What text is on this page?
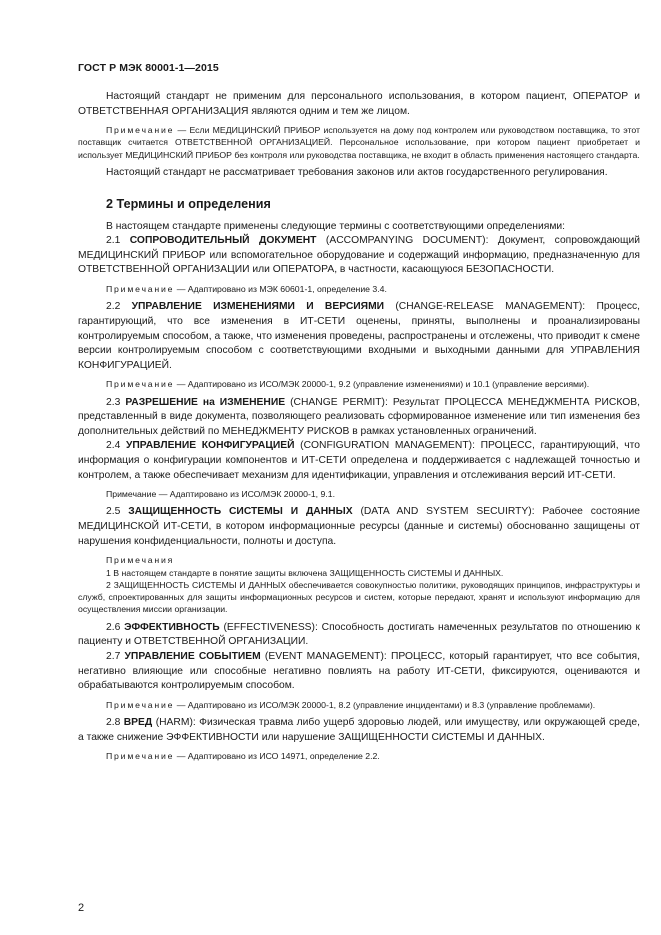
ГОСТ Р МЭК 80001-1—2015

Настоящий стандарт не применим для персонального использования, в котором пациент, ОПЕРАТОР и ОТВЕТСТВЕННАЯ ОРГАНИЗАЦИЯ являются одним и тем же лицом.

Примечание — Если МЕДИЦИНСКИЙ ПРИБОР используется на дому под контролем или руководством поставщика, то этот поставщик считается ОТВЕТСТВЕННОЙ ОРГАНИЗАЦИЕЙ. Персональное использование, при котором пациент приобретает и использует МЕДИЦИНСКИЙ ПРИБОР без контроля или руководства поставщика, не входит в область применения настоящего стандарта.

Настоящий стандарт не рассматривает требования законов или актов государственного регулирования.

2 Термины и определения

В настоящем стандарте применены следующие термины с соответствующими определениями:

2.1 СОПРОВОДИТЕЛЬНЫЙ ДОКУМЕНТ (ACCOMPANYING DOCUMENT): Документ, сопровождающий МЕДИЦИНСКИЙ ПРИБОР или вспомогательное оборудование и содержащий информацию, предназначенную для ОТВЕТСТВЕННОЙ ОРГАНИЗАЦИИ или ОПЕРАТОРА, в частности, касающуюся БЕЗОПАСНОСТИ.

Примечание — Адаптировано из МЭК 60601-1, определение 3.4.

2.2 УПРАВЛЕНИЕ ИЗМЕНЕНИЯМИ И ВЕРСИЯМИ (CHANGE-RELEASE MANAGEMENT): Процесс, гарантирующий, что все изменения в ИТ-СЕТИ оценены, приняты, выполнены и проанализированы контролируемым способом, а также, что изменения проведены, распространены и отслежены, что приводит к смене версии контролируемым способом с соответствующими входными и выходными данными для УПРАВЛЕНИЯ КОНФИГУРАЦИЕЙ.

Примечание — Адаптировано из ИСО/МЭК 20000-1, 9.2 (управление изменениями) и 10.1 (управление версиями).

2.3 РАЗРЕШЕНИЕ на ИЗМЕНЕНИЕ (CHANGE PERMIT): Результат ПРОЦЕССА МЕНЕДЖМЕНТА РИСКОВ, представленный в виде документа, позволяющего реализовать сформированное изменение или тип изменения без дополнительных действий по МЕНЕДЖМЕНТУ РИСКОВ в рамках установленных ограничений.

2.4 УПРАВЛЕНИЕ КОНФИГУРАЦИЕЙ (CONFIGURATION MANAGEMENT): ПРОЦЕСС, гарантирующий, что информация о конфигурации компонентов и ИТ-СЕТИ определена и поддерживается с надлежащей точностью и контролем, а также обеспечивает механизм для идентификации, управления и отслеживания версий ИТ-СЕТИ.

Примечание — Адаптировано из ИСО/МЭК 20000-1, 9.1.

2.5 ЗАЩИЩЕННОСТЬ СИСТЕМЫ И ДАННЫХ (DATA AND SYSTEM SECUIRTY): Рабочее состояние МЕДИЦИНСКОЙ ИТ-СЕТИ, в котором информационные ресурсы (данные и системы) обоснованно защищены от нарушения конфиденциальности, полноты и доступа.

Примечания

1 В настоящем стандарте в понятие защиты включена ЗАЩИЩЕННОСТЬ СИСТЕМЫ И ДАННЫХ.

2 ЗАЩИЩЕННОСТЬ СИСТЕМЫ И ДАННЫХ обеспечивается совокупностью политики, руководящих принципов, инфраструктуры и служб, спроектированных для защиты информационных ресурсов и систем, которые передают, хранят и используют информацию для осуществления миссии организации.

2.6 ЭФФЕКТИВНОСТЬ (EFFECTIVENESS): Способность достигать намеченных результатов по отношению к пациенту и ОТВЕТСТВЕННОЙ ОРГАНИЗАЦИИ.

2.7 УПРАВЛЕНИЕ СОБЫТИЕМ (EVENT MANAGEMENT): ПРОЦЕСС, который гарантирует, что все события, негативно влияющие или способные негативно повлиять на работу ИТ-СЕТИ, фиксируются, оцениваются и обрабатываются контролируемым способом.

Примечание — Адаптировано из ИСО/МЭК 20000-1, 8.2 (управление инцидентами) и 8.3 (управление проблемами).

2.8 ВРЕД (HARM): Физическая травма либо ущерб здоровью людей, или имуществу, или окружающей среде, а также снижение ЭФФЕКТИВНОСТИ или нарушение ЗАЩИЩЕННОСТИ СИСТЕМЫ И ДАННЫХ.

Примечание — Адаптировано из ИСО 14971, определение 2.2.

2
